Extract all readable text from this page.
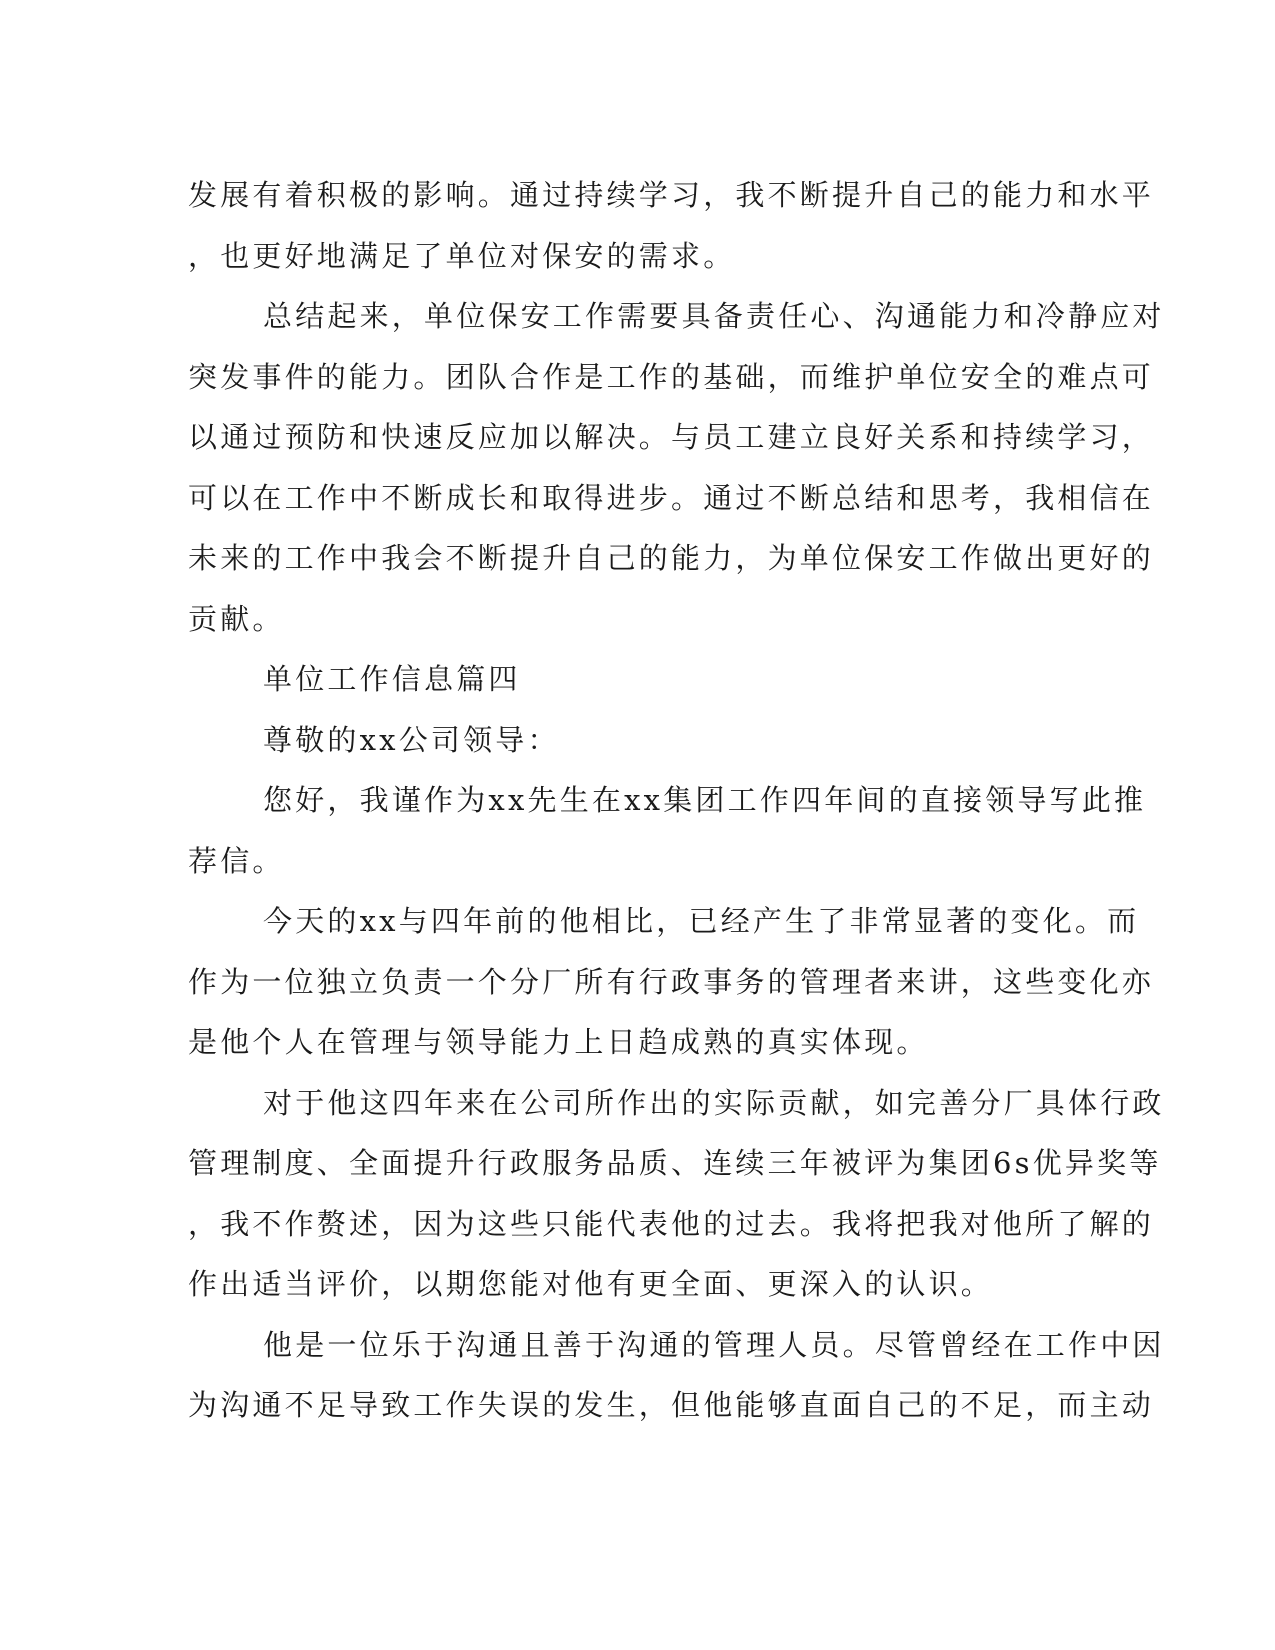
发展有着积极的影响。通过持续学习，我不断提升自己的能力和水平
，也更好地满足了单位对保安的需求。
总结起来，单位保安工作需要具备责任心、沟通能力和冷静应对
突发事件的能力。团队合作是工作的基础，而维护单位安全的难点可
以通过预防和快速反应加以解决。与员工建立良好关系和持续学习，
可以在工作中不断成长和取得进步。通过不断总结和思考，我相信在
未来的工作中我会不断提升自己的能力，为单位保安工作做出更好的
贡献。
单位工作信息篇四
尊敬的xx公司领导：
您好，我谨作为xx先生在xx集团工作四年间的直接领导写此推
荐信。
今天的xx与四年前的他相比，已经产生了非常显著的变化。而
作为一位独立负责一个分厂所有行政事务的管理者来讲，这些变化亦
是他个人在管理与领导能力上日趋成熟的真实体现。
对于他这四年来在公司所作出的实际贡献，如完善分厂具体行政
管理制度、全面提升行政服务品质、连续三年被评为集团6s优异奖等
，我不作赘述，因为这些只能代表他的过去。我将把我对他所了解的
作出适当评价，以期您能对他有更全面、更深入的认识。
他是一位乐于沟通且善于沟通的管理人员。尽管曾经在工作中因
为沟通不足导致工作失误的发生，但他能够直面自己的不足，而主动
